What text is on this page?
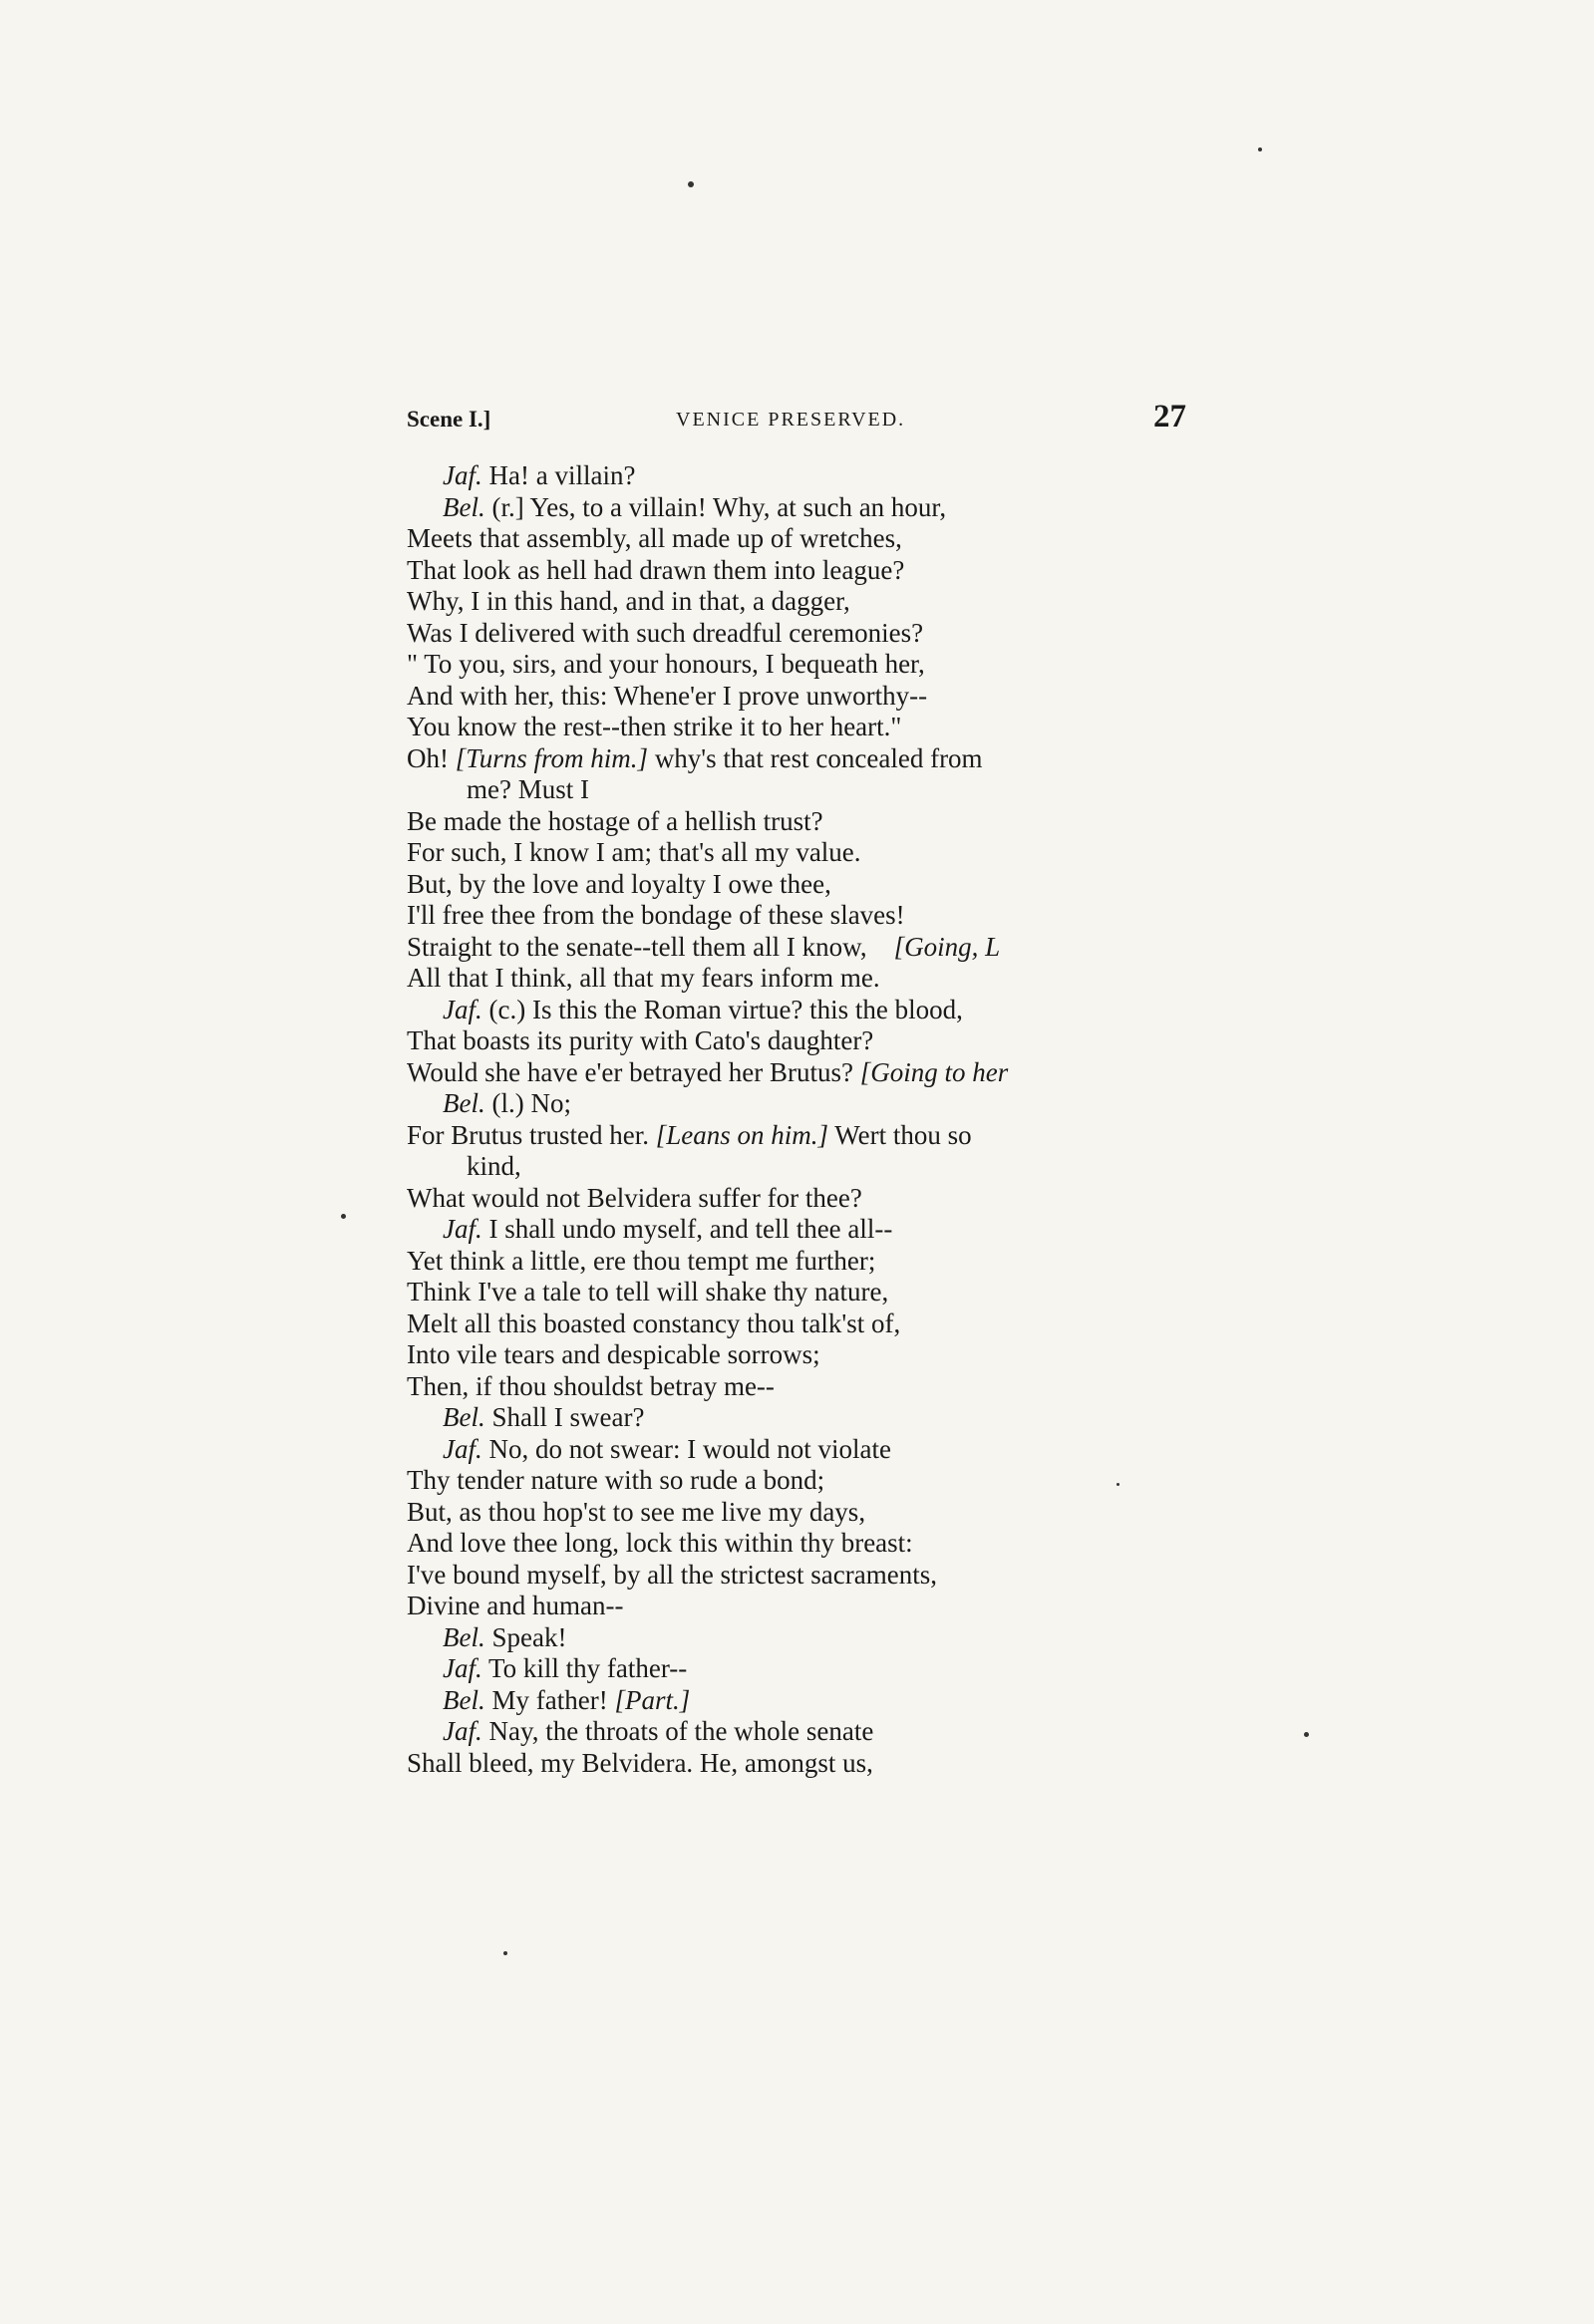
Scene I.]	VENICE PRESERVED.	27
Jaf. Ha! a villain?
Bel. (r.] Yes, to a villain! Why, at such an hour,
Meets that assembly, all made up of wretches,
That look as hell had drawn them into league?
Why, I in this hand, and in that, a dagger,
Was I delivered with such dreadful ceremonies?
" To you, sirs, and your honours, I bequeath her,
And with her, this: Whene'er I prove unworthy--
You know the rest--then strike it to her heart."
Oh! [Turns from him.] why's that rest concealed from
me? Must I
Be made the hostage of a hellish trust?
For such, I know I am; that's all my value.
But, by the love and loyalty I owe thee,
I'll free thee from the bondage of these slaves!
Straight to the senate--tell them all I know,    [Going, L
All that I think, all that my fears inform me.
Jaf. (c.) Is this the Roman virtue? this the blood,
That boasts its purity with Cato's daughter?
Would she have e'er betrayed her Brutus? [Going to her
Bel. (l.) No;
For Brutus trusted her. [Leans on him.] Wert thou so
kind,
What would not Belvidera suffer for thee?
Jaf. I shall undo myself, and tell thee all--
Yet think a little, ere thou tempt me further;
Think I've a tale to tell will shake thy nature,
Melt all this boasted constancy thou talk'st of,
Into vile tears and despicable sorrows;
Then, if thou shouldst betray me--
Bel. Shall I swear?
Jaf. No, do not swear: I would not violate
Thy tender nature with so rude a bond;
But, as thou hop'st to see me live my days,
And love thee long, lock this within thy breast:
I've bound myself, by all the strictest sacraments,
Divine and human--
Bel. Speak!
Jaf. To kill thy father--
Bel. My father! [Part.]
Jaf. Nay, the throats of the whole senate
Shall bleed, my Belvidera. He, amongst us,
